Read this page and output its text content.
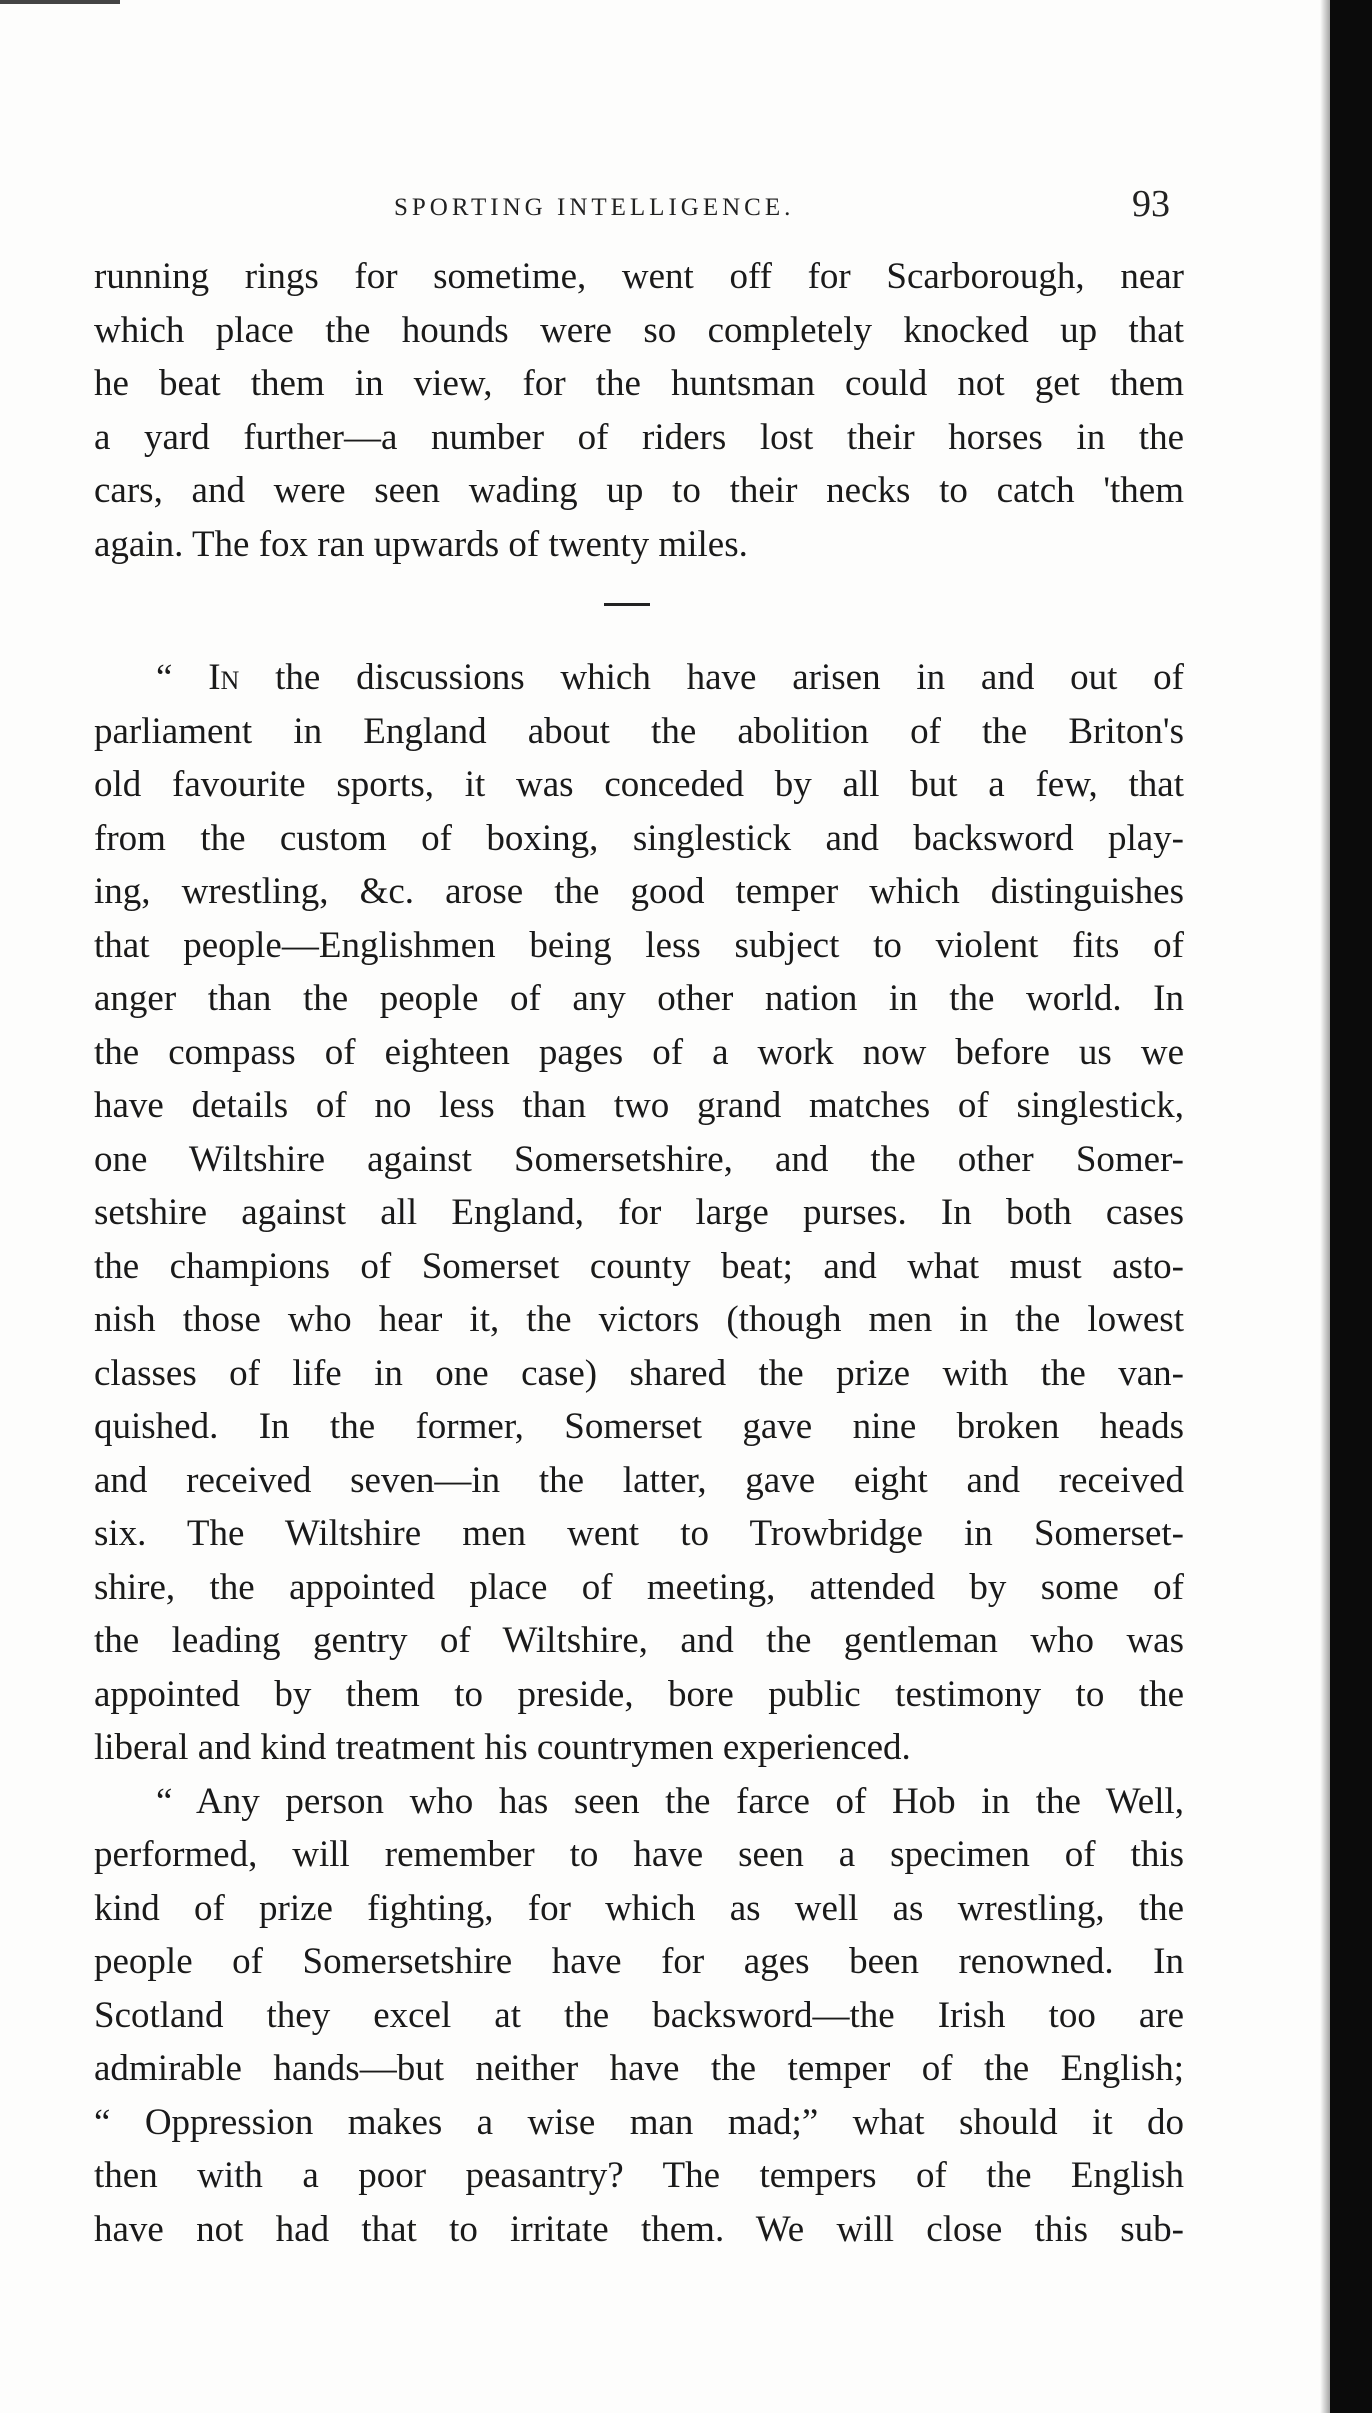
SPORTING INTELLIGENCE.	93

running rings for sometime, went off for Scarborough, near
which place the hounds were so completely knocked up that
he beat them in view, for the huntsman could not get them
a yard further—a number of riders lost their horses in the
cars, and were seen wading up to their necks to catch 'them
again. The fox ran upwards of twenty miles.

“ In the discussions which have arisen in and out of
parliament in England about the abolition of the Briton's
old favourite sports, it was conceded by all but a few, that
from the custom of boxing, singlestick and backsword play-
ing, wrestling, &c. arose the good temper which distinguishes
that people—Englishmen being less subject to violent fits of
anger than the people of any other nation in the world. In
the compass of eighteen pages of a work now before us we
have details of no less than two grand matches of singlestick,
one Wiltshire against Somersetshire, and the other Somer-
setshire against all England, for large purses. In both cases
the champions of Somerset county beat; and what must asto-
nish those who hear it, the victors (though men in the lowest
classes of life in one case) shared the prize with the van-
quished. In the former, Somerset gave nine broken heads
and received seven—in the latter, gave eight and received
six. The Wiltshire men went to Trowbridge in Somerset-
shire, the appointed place of meeting, attended by some of
the leading gentry of Wiltshire, and the gentleman who was
appointed by them to preside, bore public testimony to the
liberal and kind treatment his countrymen experienced.

“ Any person who has seen the farce of Hob in the Well,
performed, will remember to have seen a specimen of this
kind of prize fighting, for which as well as wrestling, the
people of Somersetshire have for ages been renowned. In
Scotland they excel at the backsword—the Irish too are
admirable hands—but neither have the temper of the English;
“ Oppression makes a wise man mad;” what should it do
then with a poor peasantry? The tempers of the English
have not had that to irritate them. We will close this sub-
